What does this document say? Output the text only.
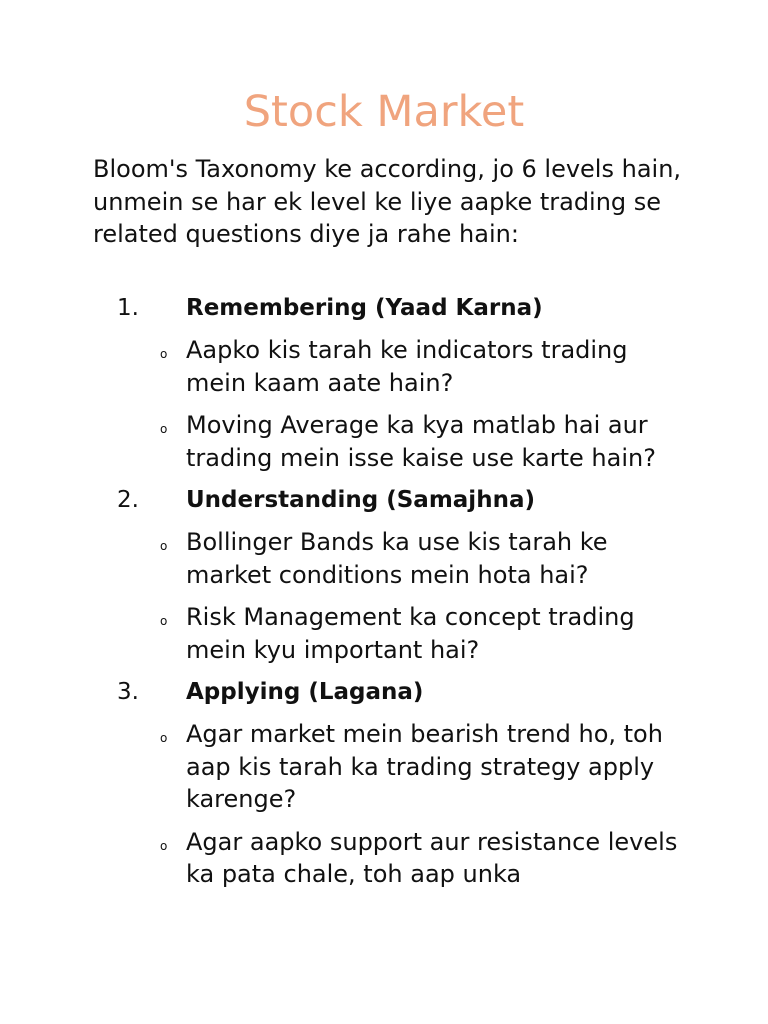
Stock Market

Bloom's Taxonomy ke according, jo 6 levels hain, unmein se har ek level ke liye aapke trading se related questions diye ja rahe hain:

1. Remembering (Yaad Karna)
o Aapko kis tarah ke indicators trading mein kaam aate hain?
o Moving Average ka kya matlab hai aur trading mein isse kaise use karte hain?
2. Understanding (Samajhna)
o Bollinger Bands ka use kis tarah ke market conditions mein hota hai?
o Risk Management ka concept trading mein kyu important hai?
3. Applying (Lagana)
o Agar market mein bearish trend ho, toh aap kis tarah ka trading strategy apply karenge?
o Agar aapko support aur resistance levels ka pata chale, toh aap unka
